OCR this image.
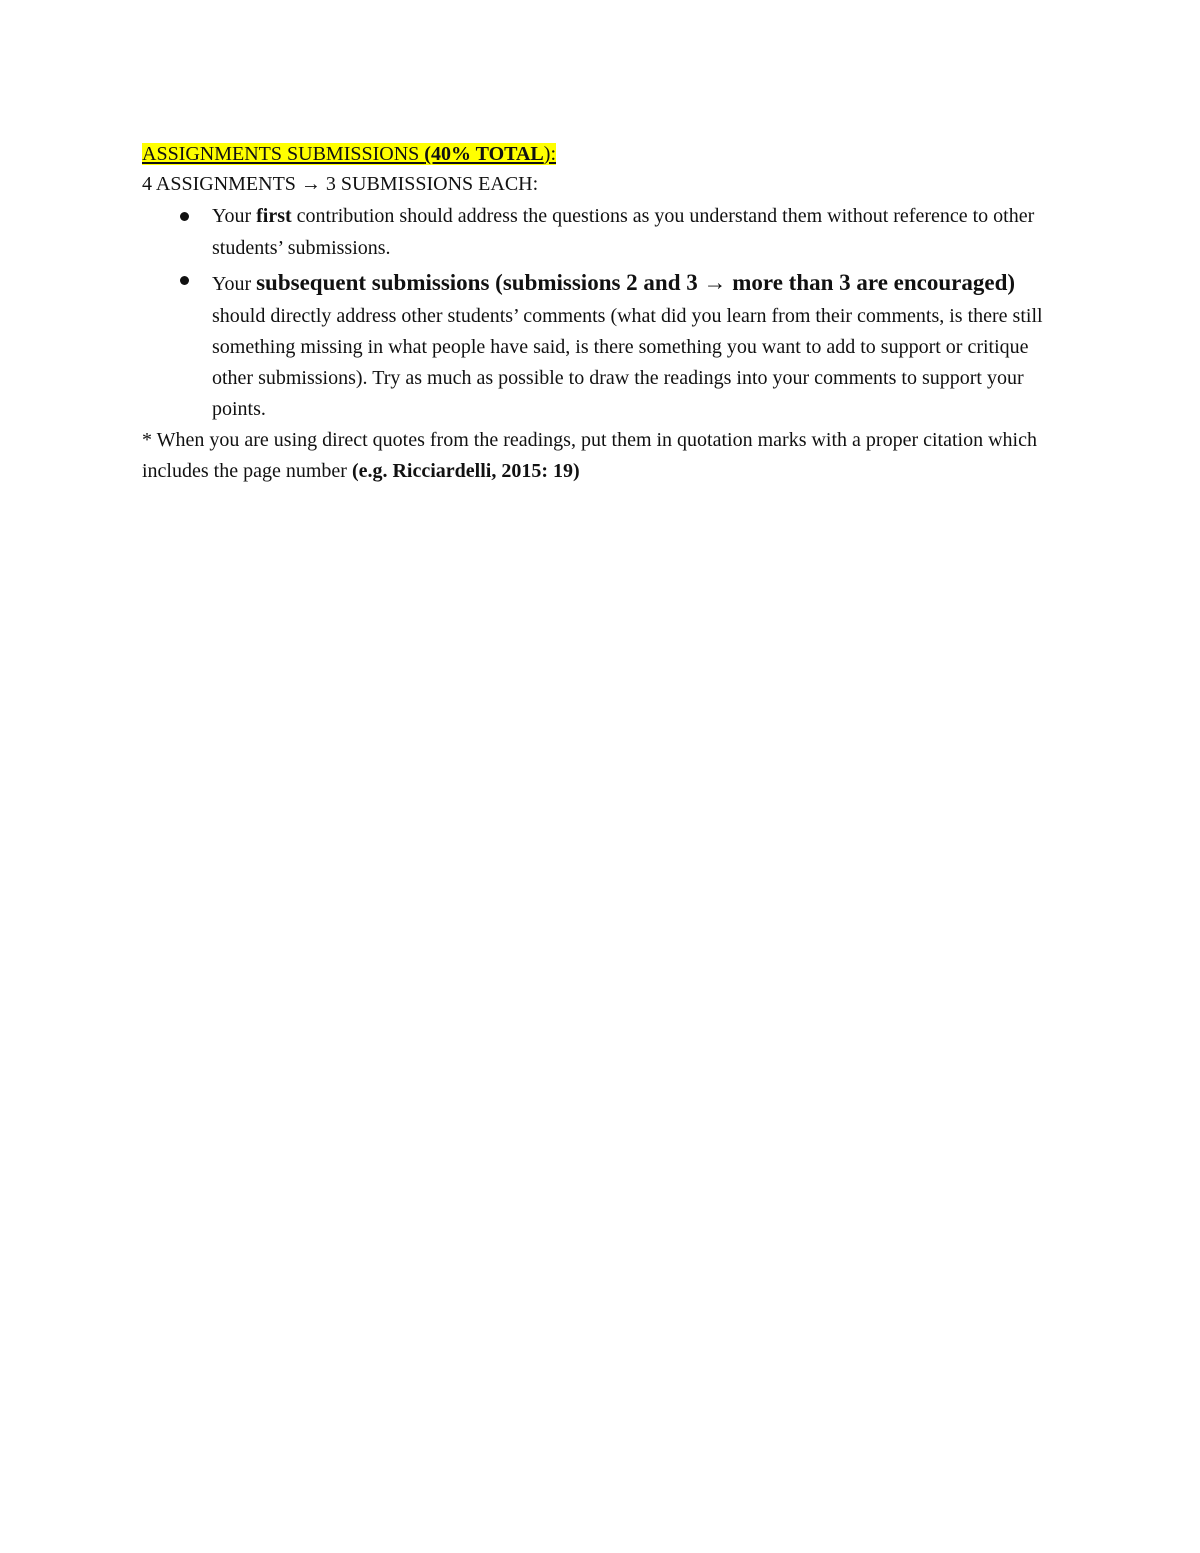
ASSIGNMENTS SUBMISSIONS (40% TOTAL):

4 ASSIGNMENTS → 3 SUBMISSIONS EACH:

Your first contribution should address the questions as you understand them without reference to other students’ submissions.
Your subsequent submissions (submissions 2 and 3 → more than 3 are encouraged) should directly address other students’ comments (what did you learn from their comments, is there still something missing in what people have said, is there something you want to add to support or critique other submissions). Try as much as possible to draw the readings into your comments to support your points.

* When you are using direct quotes from the readings, put them in quotation marks with a proper citation which includes the page number (e.g. Ricciardelli, 2015: 19)
